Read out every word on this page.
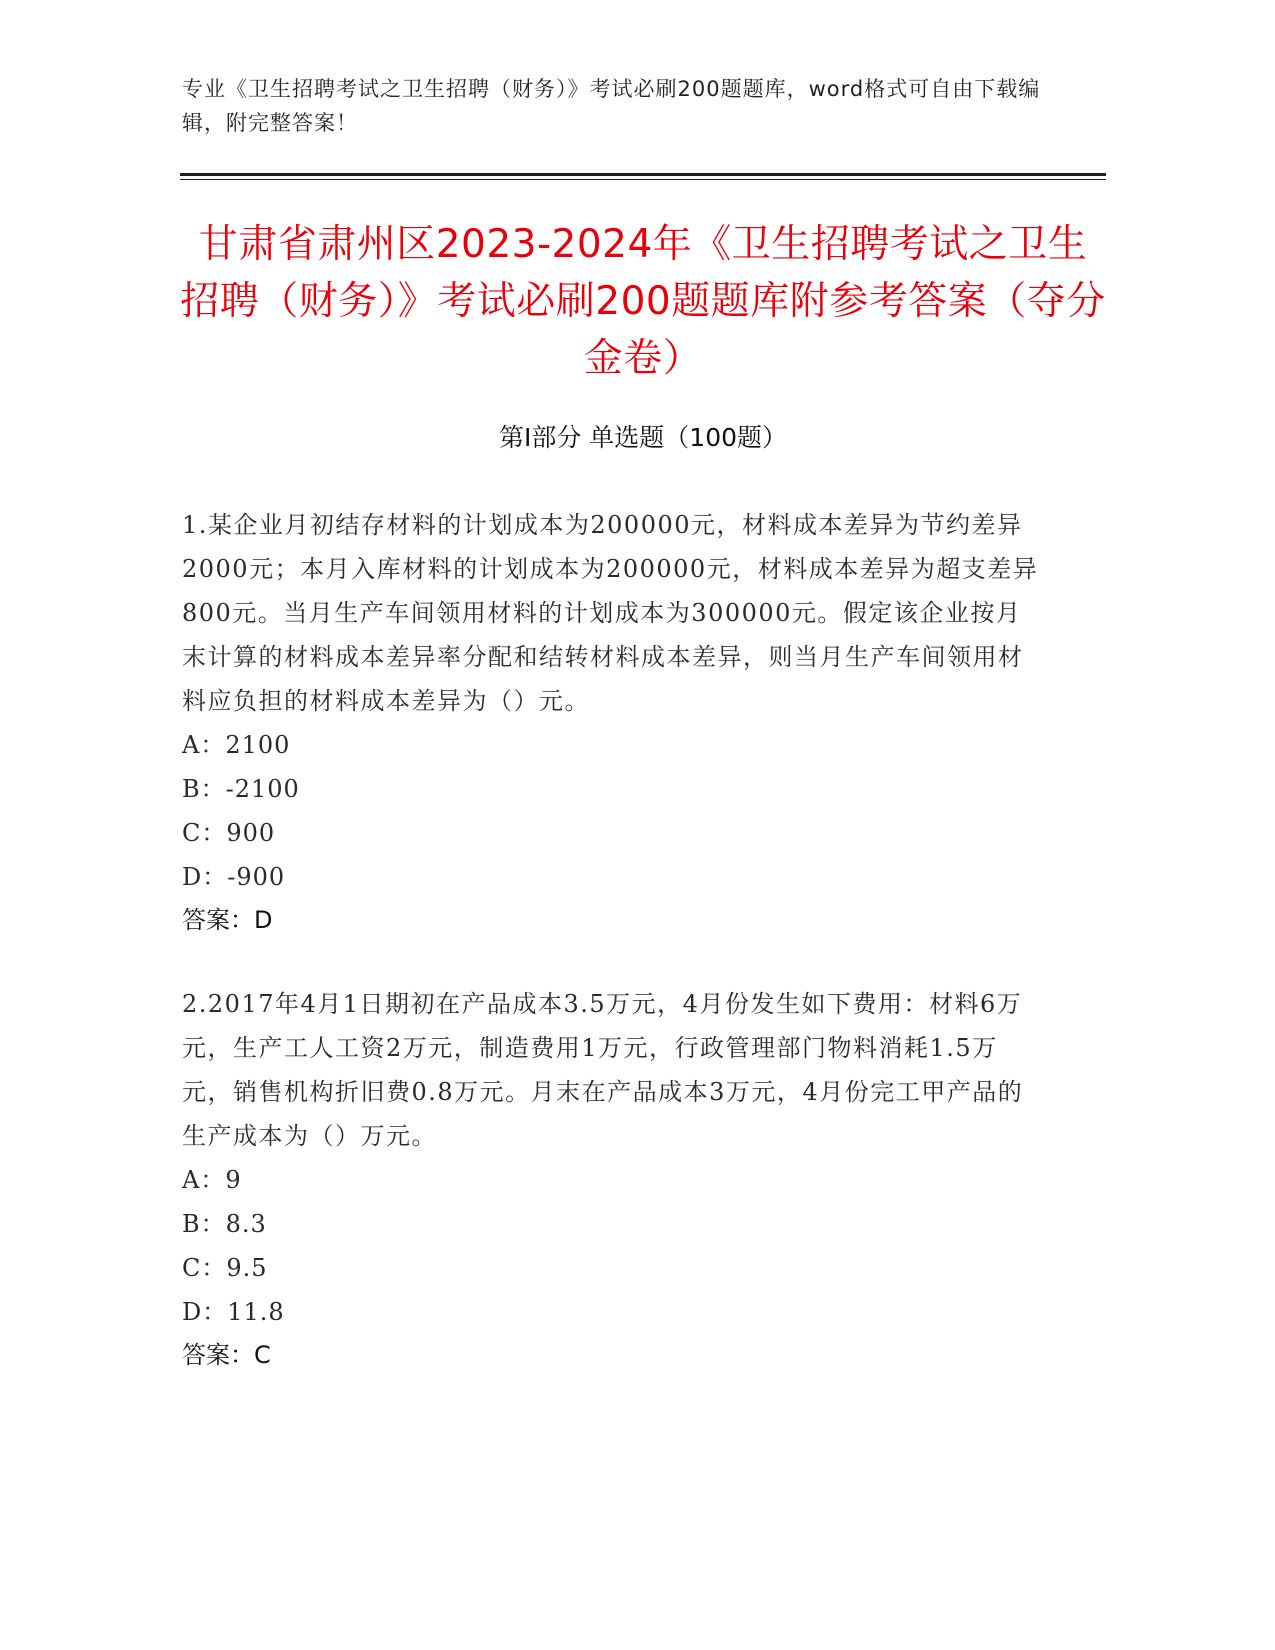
专业《卫生招聘考试之卫生招聘（财务）》考试必刷200题题库，word格式可自由下载编辑，附完整答案！
甘肃省肃州区2023-2024年《卫生招聘考试之卫生招聘（财务）》考试必刷200题题库附参考答案（夺分金卷）
第Ⅰ部分 单选题（100题）

1.某企业月初结存材料的计划成本为200000元，材料成本差异为节约差异2000元；本月入库材料的计划成本为200000元，材料成本差异为超支差异800元。当月生产车间领用材料的计划成本为300000元。假定该企业按月末计算的材料成本差异率分配和结转材料成本差异，则当月生产车间领用材料应负担的材料成本差异为（）元。

A：2100

B：-2100

C：900

D：-900

答案：D

2.2017年4月1日期初在产品成本3.5万元，4月份发生如下费用：材料6万元，生产工人工资2万元，制造费用1万元，行政管理部门物料消耗1.5万元，销售机构折旧费0.8万元。月末在产品成本3万元，4月份完工甲产品的生产成本为（）万元。

A：9

B：8.3

C：9.5

D：11.8

答案：C
